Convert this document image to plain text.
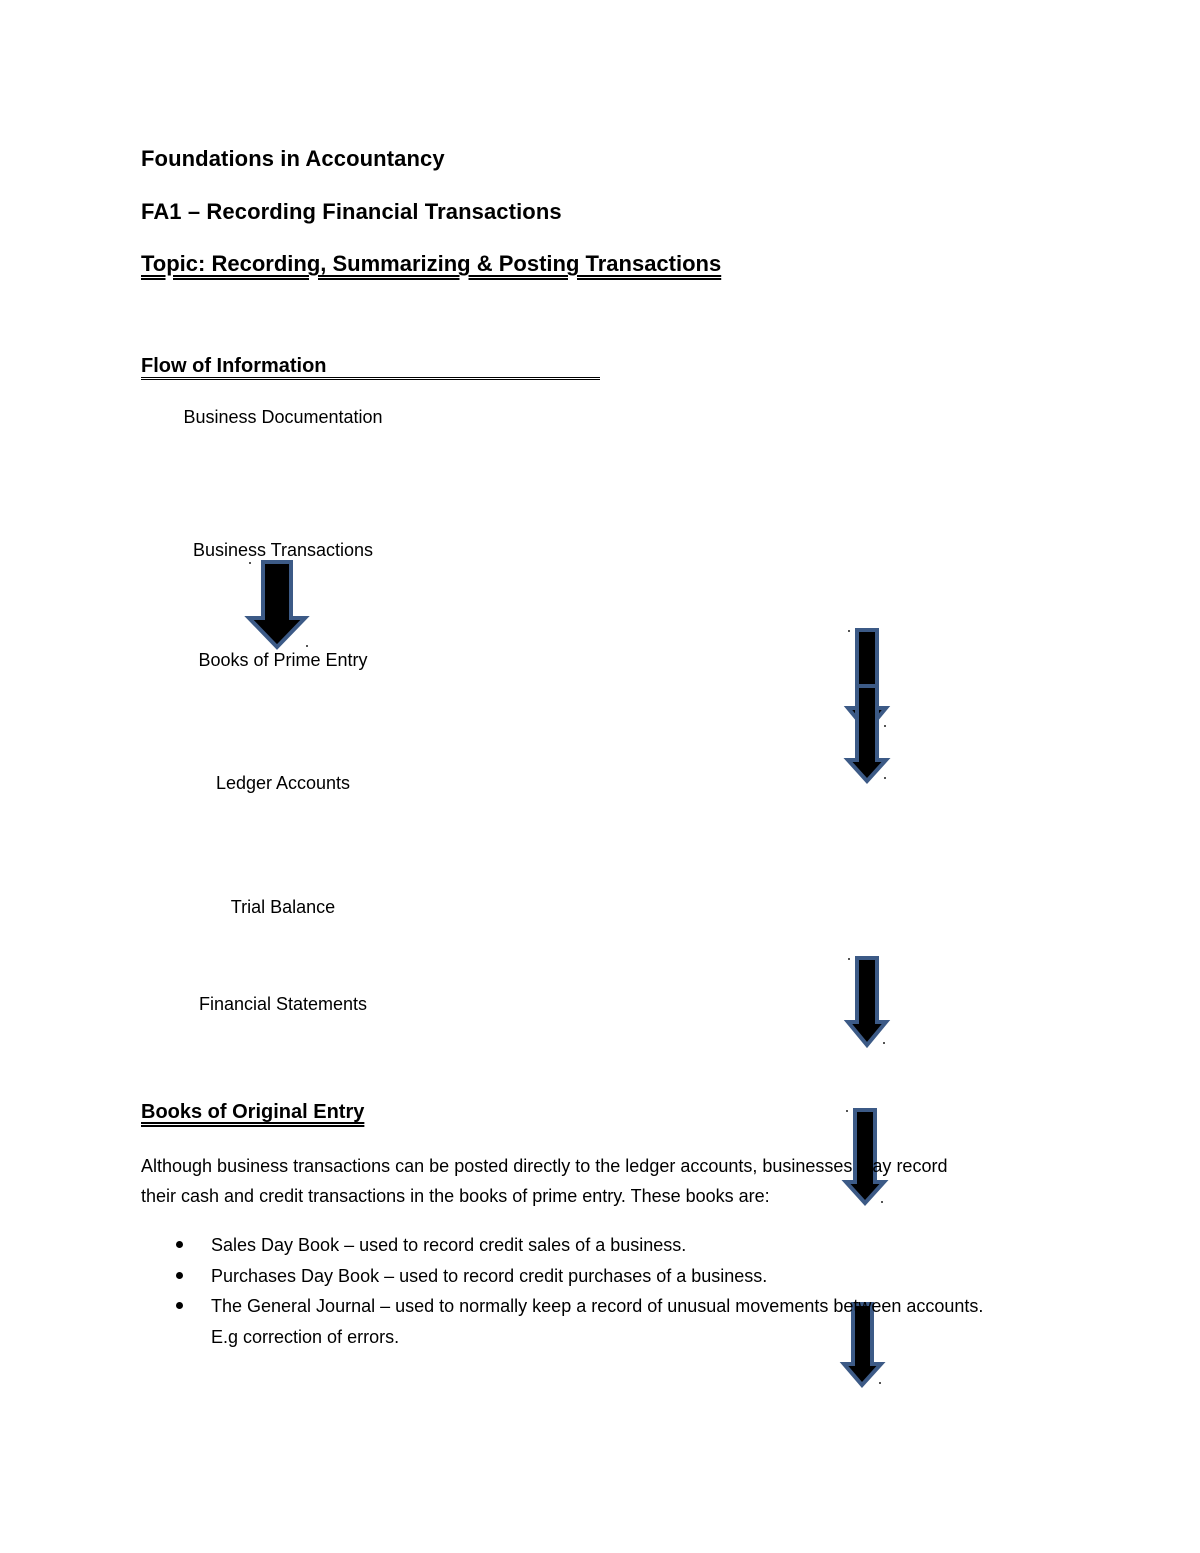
Foundations in Accountancy
FA1 – Recording Financial Transactions
Topic: Recording, Summarizing & Posting Transactions
Flow of Information
Business Documentation
Business Transactions
Books of Prime Entry
Ledger Accounts
Trial Balance
Financial Statements
Books of Original Entry
Although business transactions can be posted directly to the ledger accounts, businesses may record
their cash and credit transactions in the books of prime entry. These books are:
Sales Day Book – used to record credit sales of a business.
Purchases Day Book – used to record credit purchases of a business.
The General Journal – used to normally keep a record of unusual movements between accounts.
E.g correction of errors.
